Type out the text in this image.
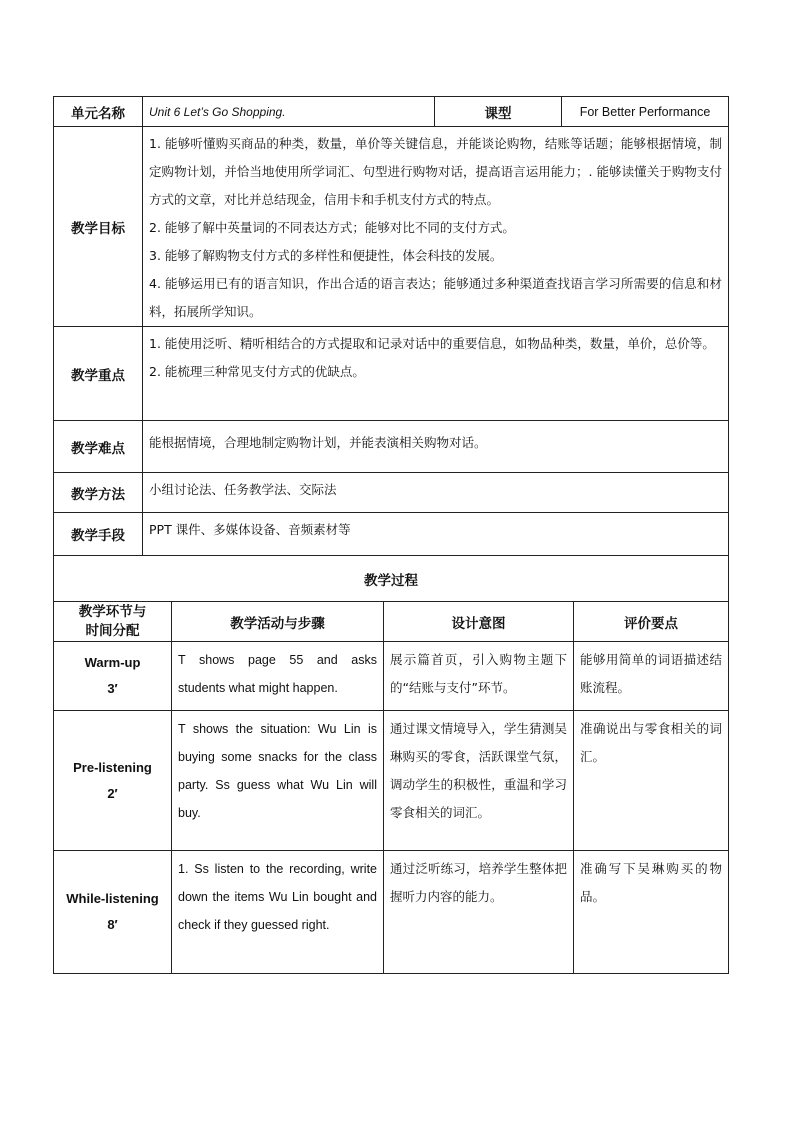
单元名称	Unit 6 Let’s Go Shopping.	课型	For Better Performance
教学目标	1. 能够听懂购买商品的种类，数量，单价等关键信息，并能谈论购物，结账等话题；能够根据情境，制定购物计划，并恰当地使用所学词汇、句型进行购物对话，提高语言运用能力；. 能够读懂关于购物支付方式的文章，对比并总结现金，信用卡和手机支付方式的特点。
2. 能够了解中英量词的不同表达方式；能够对比不同的支付方式。
3. 能够了解购物支付方式的多样性和便捷性，体会科技的发展。
4. 能够运用已有的语言知识，作出合适的语言表达；能够通过多种渠道查找语言学习所需要的信息和材料，拓展所学知识。		

教学重点	1. 能使用泛听、精听相结合的方式提取和记录对话中的重要信息，如物品种类，数量，单价，总价等。
2. 能梳理三种常见支付方式的优缺点。		

教学难点	能根据情境，合理地制定购物计划，并能表演相关购物对话。		
教学方法	小组讨论法、任务教学法、交际法		
教学手段	PPT 课件、多媒体设备、音频素材等		
教学过程			
教学环节与
时间分配	教学活动与步骤	设计意图	评价要点

Warm-up
3′	T shows page 55 and asks students what might happen.	展示篇首页，引入购物主题下的“结账与支付”环节。	能够用简单的词语描述结账流程。

Pre-listening
2′	T shows the situation: Wu Lin is buying some snacks for the class party. Ss guess what Wu Lin will buy.	通过课文情境导入，学生猜测吴琳购买的零食，活跃课堂气氛，调动学生的积极性，重温和学习零食相关的词汇。	准确说出与零食相关的词汇。

While-listening
8′	1. Ss listen to the recording, write down the items Wu Lin bought and check if they guessed right.	通过泛听练习，培养学生整体把握听力内容的能力。	准确写下吴琳购买的物品。
